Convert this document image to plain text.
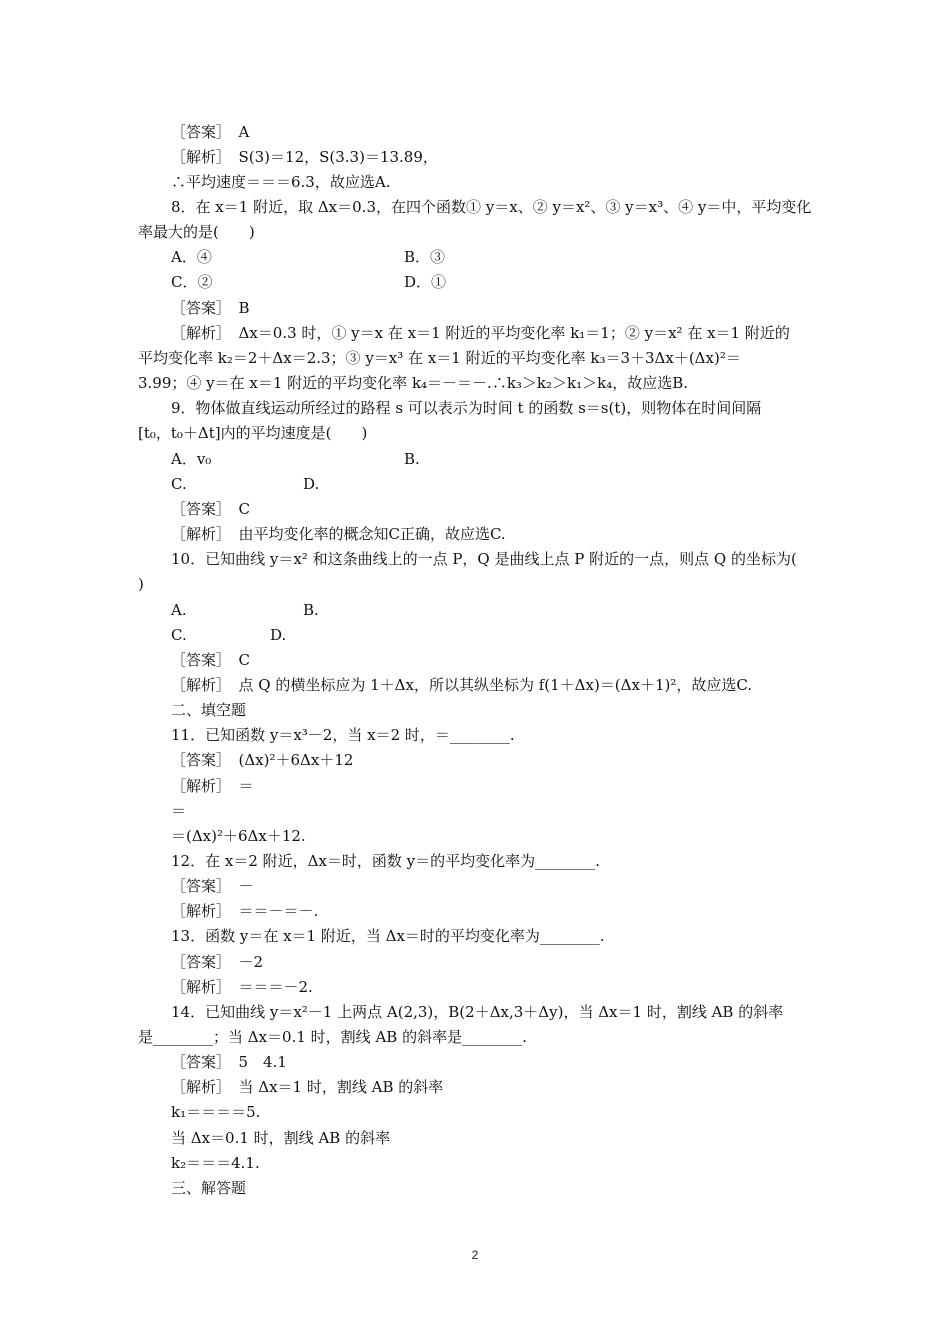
［答案］　A
［解析］　S(3)＝12，S(3.3)＝13.89，
∴平均速度＝＝＝6.3，故应选A.
8．在 x＝1 附近，取 Δx＝0.3，在四个函数① y＝x、② y＝x²、③ y＝x³、④ y＝中，平均变化
率最大的是(　　)
A．④	B．③
C．②	D．①
［答案］　B
［解析］　Δx＝0.3 时，① y＝x 在 x＝1 附近的平均变化率 k₁＝1；② y＝x² 在 x＝1 附近的
平均变化率 k₂＝2＋Δx＝2.3；③ y＝x³ 在 x＝1 附近的平均变化率 k₃＝3＋3Δx＋(Δx)²＝
3.99；④ y＝在 x＝1 附近的平均变化率 k₄＝－＝－.∴k₃＞k₂＞k₁＞k₄，故应选B.
9．物体做直线运动所经过的路程 s 可以表示为时间 t 的函数 s＝s(t)，则物体在时间间隔
[t₀，t₀＋Δt]内的平均速度是(　　)
A．v₀	B.
C.	D.
［答案］　C
［解析］　由平均变化率的概念知C正确，故应选C.
10．已知曲线 y＝x² 和这条曲线上的一点 P，Q 是曲线上点 P 附近的一点，则点 Q 的坐标为(
)
A.	B.
C.	D.
［答案］　C
［解析］　点 Q 的横坐标应为 1＋Δx，所以其纵坐标为 f(1＋Δx)＝(Δx＋1)²，故应选C.
二、填空题
11．已知函数 y＝x³－2，当 x＝2 时，＝________.
［答案］　(Δx)²＋6Δx＋12
［解析］　＝
＝
＝(Δx)²＋6Δx＋12.
12．在 x＝2 附近，Δx＝时，函数 y＝的平均变化率为________.
［答案］　－
［解析］　＝＝－＝－.
13．函数 y＝在 x＝1 附近，当 Δx＝时的平均变化率为________.
［答案］　－2
［解析］　＝＝＝－2.
14．已知曲线 y＝x²－1 上两点 A(2,3)，B(2＋Δx,3＋Δy)，当 Δx＝1 时，割线 AB 的斜率
是________；当 Δx＝0.1 时，割线 AB 的斜率是________.
［答案］　5　4.1
［解析］　当 Δx＝1 时，割线 AB 的斜率
k₁＝＝＝＝5.
当 Δx＝0.1 时，割线 AB 的斜率
k₂＝＝＝4.1.
三、解答题
2
